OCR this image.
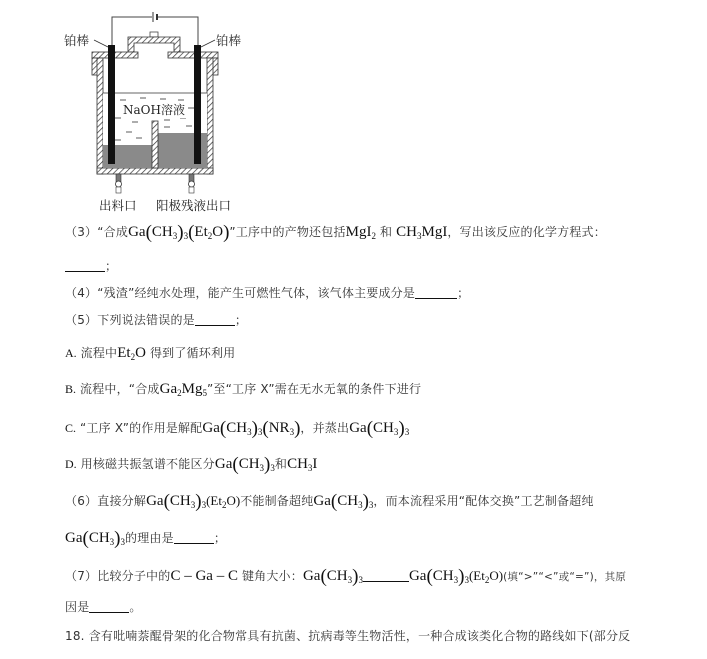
铂棒	铂棒
NaOH溶液
出料口 阳极残液出口
（3）“合成$Ga(CH_3)_3(Et_2O)$”工序中的产物还包括MgI$_2$ 和 $CH_3MgI$，写出该反应的化学方程式：
；
（4）“残渣”经纯水处理，能产生可燃性气体，该气体主要成分是	；
（5）下列说法错误的是	；
A. 流程中$Et_2O$ 得到了循环利用
B. 流程中，“合成$Ga_2Mg_5$”至“工序 X”需在无水无氧的条件下进行
C. “工序 X”的作用是解配$Ga(CH_3)_3(NR_3)$，并蒸出$Ga(CH_3)_3$
D. 用核磁共振氢谱不能区分$Ga(CH_3)_3$和$CH_3I$
（6）直接分解$Ga(CH_3)_3(Et_2O)$不能制备超纯$Ga(CH_3)_3$，而本流程采用“配体交换”工艺制备超纯
$Ga(CH_3)_3$的理由是	；
（7）比较分子中的C – Ga – C 键角大小：$Ga(CH_3)_3$	$Ga(CH_3)_3(Et_2O)$(填“>”“<”或“=”)，其原
因是	。
18. 含有吡喃萘醌骨架的化合物常具有抗菌、抗病毒等生物活性，一种合成该类化合物的路线如下(部分反
